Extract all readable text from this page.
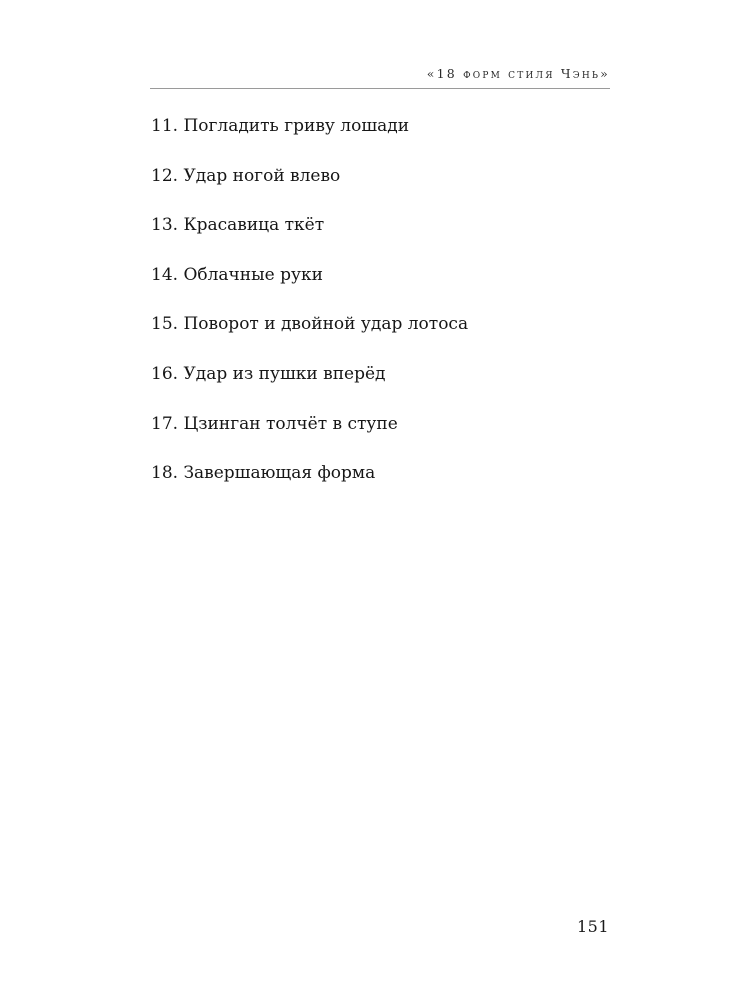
«18 форм стиля Чэнь»
11. Погладить гриву лошади
12. Удар ногой влево
13. Красавица ткёт
14. Облачные руки
15. Поворот и двойной удар лотоса
16. Удар из пушки вперёд
17. Цзинган толчёт в ступе
18. Завершающая форма
151
